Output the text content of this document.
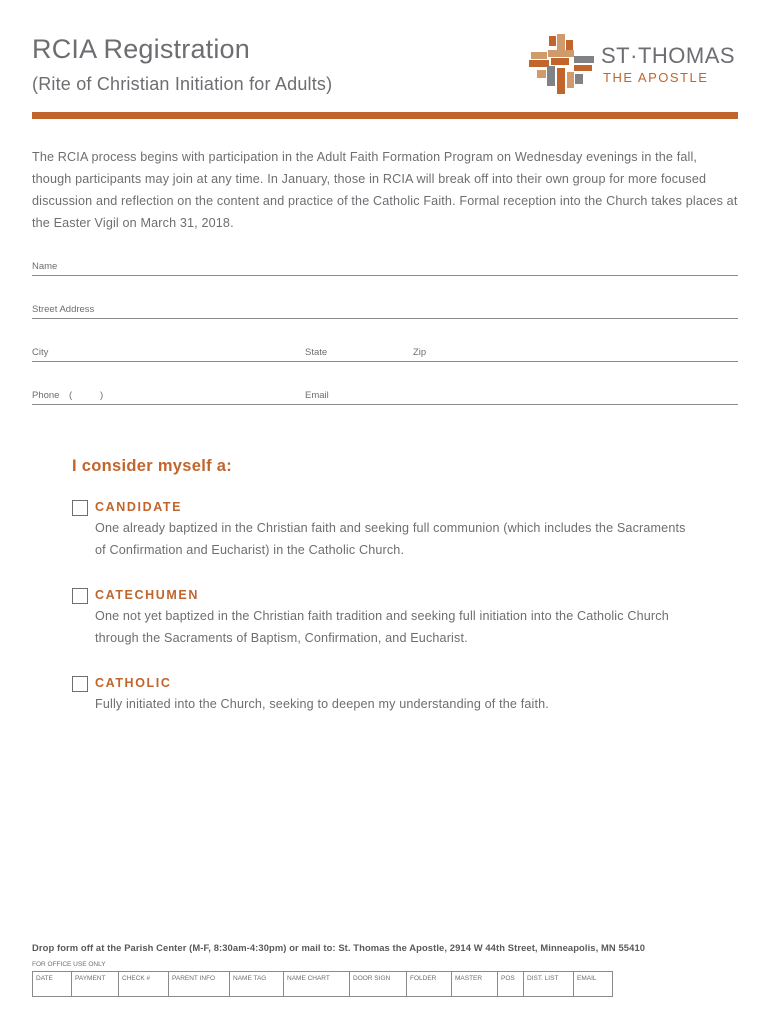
RCIA Registration
(Rite of Christian Initiation for Adults)
ST·THOMAS
THE APOSTLE

The RCIA process begins with participation in the Adult Faith Formation Program on Wednesday evenings in the fall, though participants may join at any time. In January, those in RCIA will break off into their own group for more focused discussion and reflection on the content and practice of the Catholic Faith. Formal reception into the Church takes places at the Easter Vigil on March 31, 2018.

Name
Street Address
City	State	Zip
Phone (	)	Email
I consider myself a:
CANDIDATE

One already baptized in the Christian faith and seeking full communion (which includes the Sacraments of Confirmation and Eucharist) in the Catholic Church.

CATECHUMEN

One not yet baptized in the Christian faith tradition and seeking full initiation into the Catholic Church through the Sacraments of Baptism, Confirmation, and Eucharist.

CATHOLIC

Fully initiated into the Church, seeking to deepen my understanding of the faith.

Drop form off at the Parish Center (M-F, 8:30am-4:30pm) or mail to: St. Thomas the Apostle, 2914 W 44th Street, Minneapolis, MN 55410
FOR OFFICE USE ONLY
DATE	PAYMENT	CHECK #	PARENT INFO	NAME TAG	NAME CHART	DOOR SIGN	FOLDER	MASTER	POS	DIST. LIST	EMAIL
